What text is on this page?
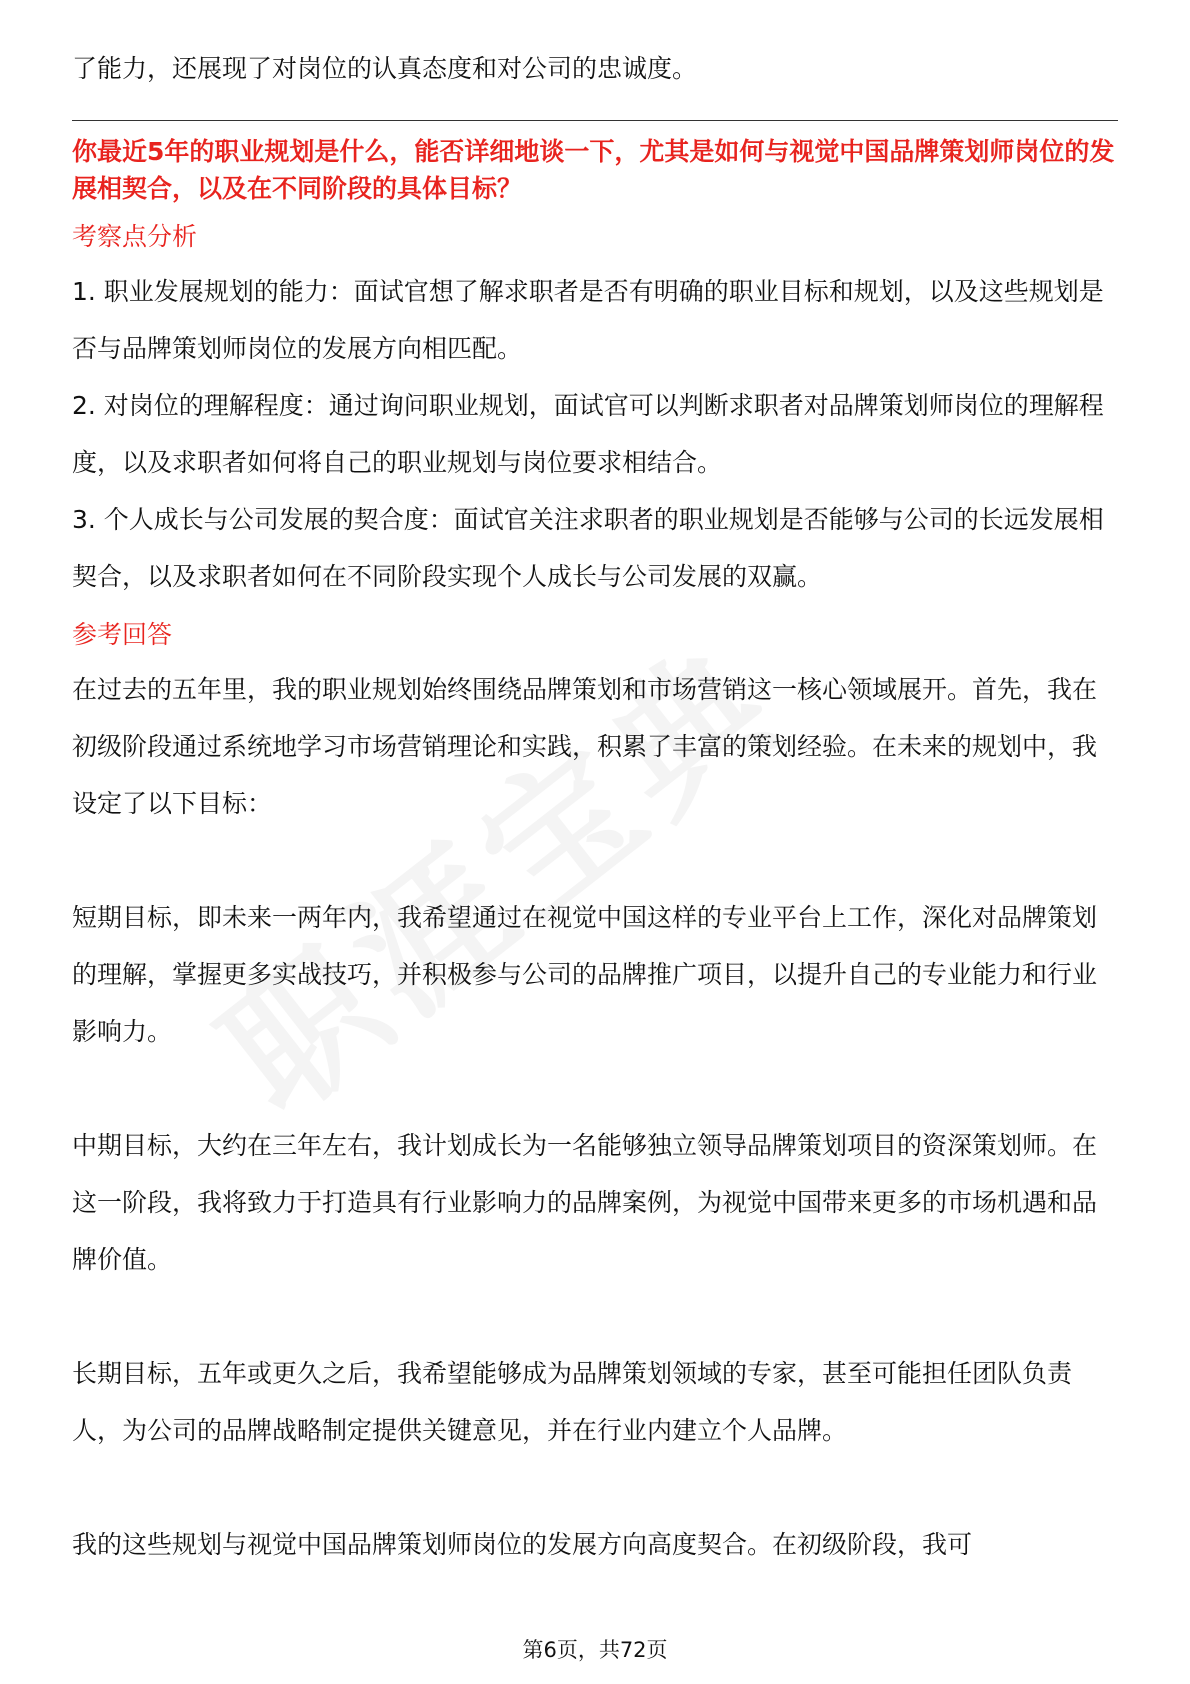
了能力，还展现了对岗位的认真态度和对公司的忠诚度。

你最近5年的职业规划是什么，能否详细地谈一下，尤其是如何与视觉中国品牌策划师岗位的发展相契合，以及在不同阶段的具体目标？

考察点分析

1. 职业发展规划的能力：面试官想了解求职者是否有明确的职业目标和规划，以及这些规划是否与品牌策划师岗位的发展方向相匹配。

2. 对岗位的理解程度：通过询问职业规划，面试官可以判断求职者对品牌策划师岗位的理解程度，以及求职者如何将自己的职业规划与岗位要求相结合。

3. 个人成长与公司发展的契合度：面试官关注求职者的职业规划是否能够与公司的长远发展相契合，以及求职者如何在不同阶段实现个人成长与公司发展的双赢。

参考回答

在过去的五年里，我的职业规划始终围绕品牌策划和市场营销这一核心领域展开。首先，我在初级阶段通过系统地学习市场营销理论和实践，积累了丰富的策划经验。在未来的规划中，我设定了以下目标：

短期目标，即未来一两年内，我希望通过在视觉中国这样的专业平台上工作，深化对品牌策划的理解，掌握更多实战技巧，并积极参与公司的品牌推广项目，以提升自己的专业能力和行业影响力。

中期目标，大约在三年左右，我计划成长为一名能够独立领导品牌策划项目的资深策划师。在这一阶段，我将致力于打造具有行业影响力的品牌案例，为视觉中国带来更多的市场机遇和品牌价值。

长期目标，五年或更久之后，我希望能够成为品牌策划领域的专家，甚至可能担任团队负责人，为公司的品牌战略制定提供关键意见，并在行业内建立个人品牌。

我的这些规划与视觉中国品牌策划师岗位的发展方向高度契合。在初级阶段，我可

第6页，共72页
